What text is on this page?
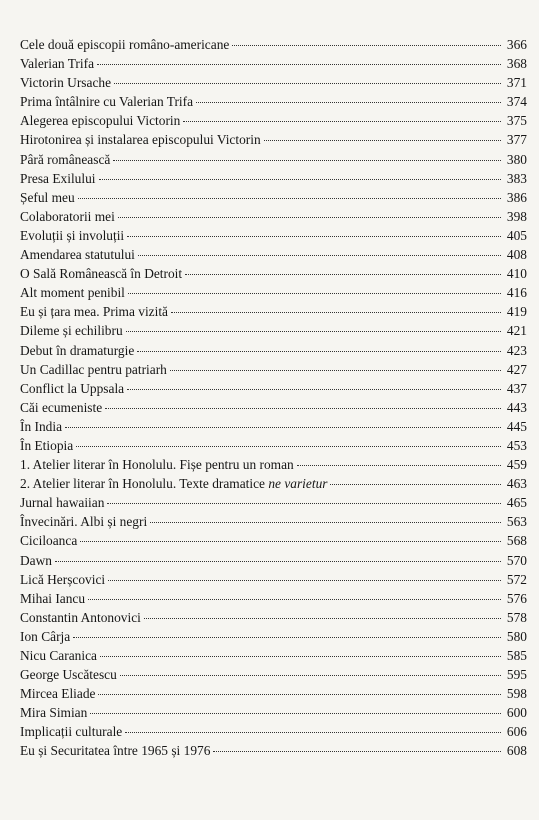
Cele două episcopii româno-americane	366
Valerian Trifa	368
Victorin Ursache	371
Prima întâlnire cu Valerian Trifa	374
Alegerea episcopului Victorin	375
Hirotonirea și instalarea episcopului Victorin	377
Pâră românească	380
Presa Exilului	383
Șeful meu	386
Colaboratorii mei	398
Evoluții și involuții	405
Amendarea statutului	408
O Sală Românească în Detroit	410
Alt moment penibil	416
Eu și țara mea. Prima vizită	419
Dileme și echilibru	421
Debut în dramaturgie	423
Un Cadillac pentru patriarh	427
Conflict la Uppsala	437
Căi ecumeniste	443
În India	445
În Etiopia	453
1. Atelier literar în Honolulu. Fișe pentru un roman	459
2. Atelier literar în Honolulu. Texte dramatice ne varietur	463
Jurnal hawaiian	465
Învecinări. Albi și negri	563
Ciciloanca	568
Dawn	570
Lică Herșcovici	572
Mihai Iancu	576
Constantin Antonovici	578
Ion Cârja	580
Nicu Caranica	585
George Uscătescu	595
Mircea Eliade	598
Mira Simian	600
Implicații culturale	606
Eu și Securitatea între 1965 și 1976	608
